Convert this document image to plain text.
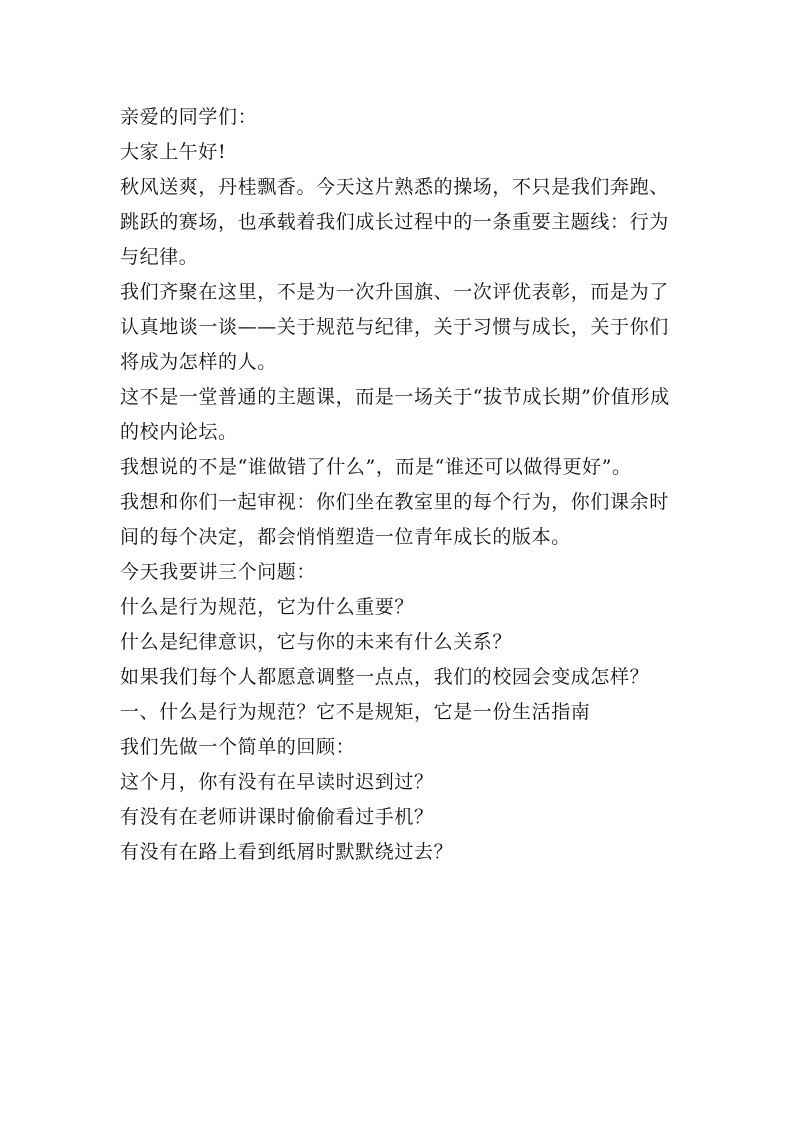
亲爱的同学们：

大家上午好!

秋风送爽，丹桂飘香。今天这片熟悉的操场，不只是我们奔跑、跳跃的赛场，也承载着我们成长过程中的一条重要主题线：行为与纪律。

我们齐聚在这里，不是为一次升国旗、一次评优表彰，而是为了认真地谈一谈——关于规范与纪律，关于习惯与成长，关于你们将成为怎样的人。

这不是一堂普通的主题课，而是一场关于“拔节成长期”价值形成的校内论坛。

我想说的不是“谁做错了什么”，而是“谁还可以做得更好”。

我想和你们一起审视：你们坐在教室里的每个行为，你们课余时间的每个决定，都会悄悄塑造一位青年成长的版本。

今天我要讲三个问题：

什么是行为规范，它为什么重要？

什么是纪律意识，它与你的未来有什么关系？

如果我们每个人都愿意调整一点点，我们的校园会变成怎样？

一、什么是行为规范？它不是规矩，它是一份生活指南

我们先做一个简单的回顾：

这个月，你有没有在早读时迟到过？

有没有在老师讲课时偷偷看过手机？

有没有在路上看到纸屑时默默绕过去？
